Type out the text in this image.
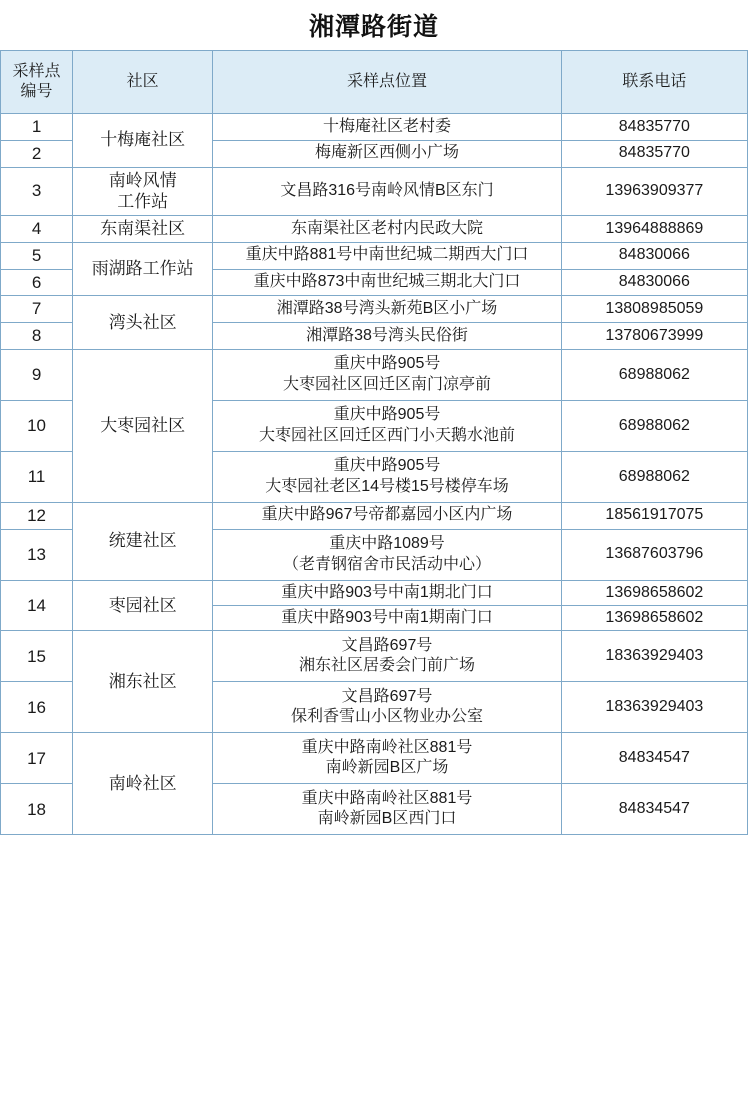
湘潭路街道
采样点 编号	社区	采样点位置	联系电话
1	十梅庵社区	十梅庵社区老村委	84835770
2		梅庵新区西侧小广场	84835770
3	南岭风情
工作站	文昌路316号南岭风情B区东门	13963909377
4	东南渠社区	东南渠社区老村内民政大院	13964888869
5	雨湖路工作站	重庆中路881号中南世纪城二期西大门口	84830066
6		重庆中路873中南世纪城三期北大门口	84830066
7	湾头社区	湘潭路38号湾头新苑B区小广场	13808985059
8		湘潭路38号湾头民俗街	13780673999
9	大枣园社区	重庆中路905号
大枣园社区回迁区南门凉亭前	68988062
10		重庆中路905号
大枣园社区回迁区西门小天鹅水池前	68988062
11		重庆中路905号
大枣园社老区14号楼15号楼停车场	68988062
12	统建社区	重庆中路967号帝都嘉园小区内广场	18561917075
13		重庆中路1089号
（老青钢宿舍市民活动中心）	13687603796
14	枣园社区	重庆中路903号中南1期北门口	13698658602

		重庆中路903号中南1期南门口	13698658602
15	湘东社区	文昌路697号
湘东社区居委会门前广场	18363929403
16		文昌路697号
保利香雪山小区物业办公室	18363929403
17	南岭社区	重庆中路南岭社区881号
南岭新园B区广场	84834547
18		重庆中路南岭社区881号
南岭新园B区西门口	84834547
